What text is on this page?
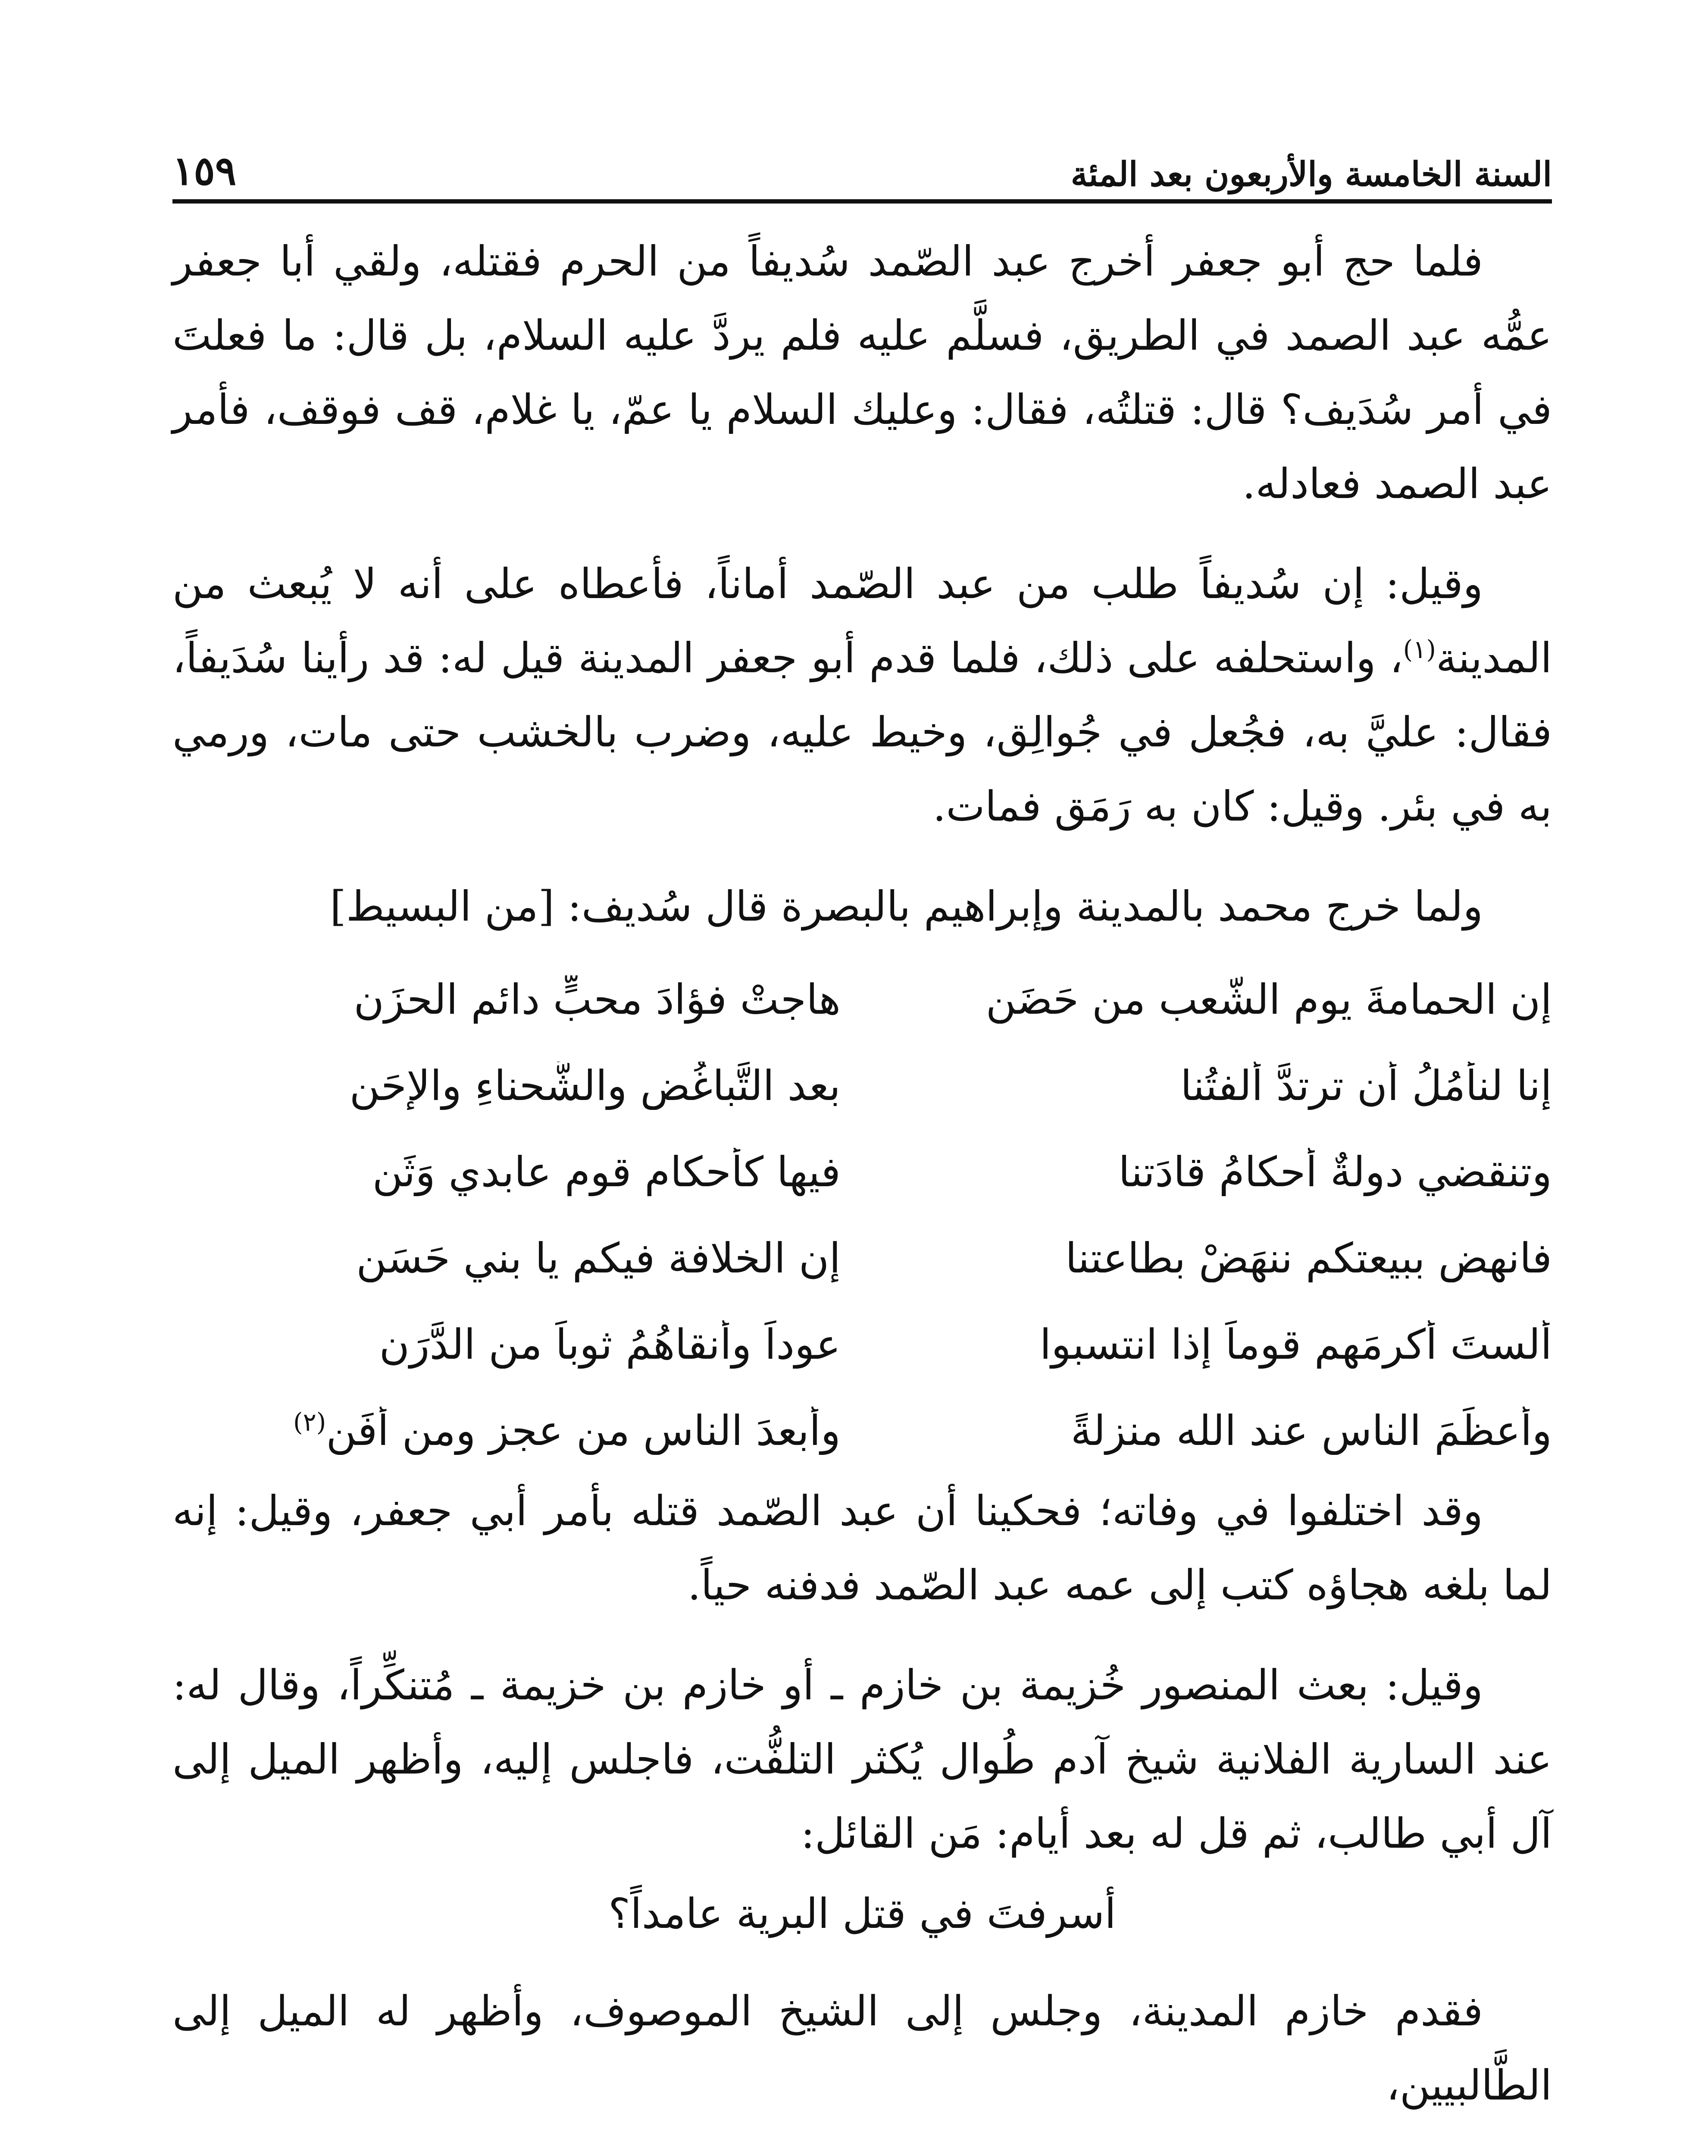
السنة الخامسة والأربعون بعد المئة
١٥٩

فلما حج أبو جعفر أخرج عبد الصّمد سُديفاً من الحرم فقتله، ولقي أبا جعفر عمُّه عبد الصمد في الطريق، فسلَّم عليه فلم يردَّ عليه السلام، بل قال: ما فعلتَ في أمر سُدَيف؟ قال: قتلتُه، فقال: وعليك السلام يا عمّ، يا غلام، قف فوقف، فأمر عبد الصمد فعادله.

وقيل: إن سُديفاً طلب من عبد الصّمد أماناً، فأعطاه على أنه لا يُبعث من المدينة$^{(١)}$، واستحلفه على ذلك، فلما قدم أبو جعفر المدينة قيل له: قد رأينا سُدَيفاً، فقال: عليَّ به، فجُعل في جُوالِق، وخيط عليه، وضرب بالخشب حتى مات، ورمي به في بئر. وقيل: كان به رَمَق فمات.

ولما خرج محمد بالمدينة وإبراهيم بالبصرة قال سُديف: [من البسيط]

إن الحمامةَ يوم الشّعب من حَضَنٍ
هاجتْ فؤادَ محبٍّ دائمِ الحزَنِ
إنا لنأمُلُ أن ترتدَّ أُلفتُنا
بعد التَّباغُضِ والشَّحناءِ والإحَنِ
وتنقضي دولةٌ أحكامُ قادَتنا
فيها كأحكام قومٍ عابدي وَثَنِ
فانهض ببيعتكم ننهَضْ بطاعتنا
إن الخلافة فيكم يا بني حَسَنِ
ألستَ أكرمَهم قوماً إذا انتسبوا
عوداً وأنقاهُمُ ثوباً من الدَّرَنِ
وأعظَمَ الناس عند الله منزلةً
وأبعدَ الناس من عجزٍ ومن أفَنِ$^{(٢)}$

وقد اختلفوا في وفاته؛ فحكينا أن عبد الصّمد قتله بأمر أبي جعفر، وقيل: إنه لما بلغه هجاؤه كتب إلى عمه عبد الصّمد فدفنه حياً.

وقيل: بعث المنصور خُزيمة بن خازم ـ أو خازم بن خزيمة ـ مُتنكِّراً، وقال له: عند السارية الفلانية شيخ آدم طُوال يُكثر التلفُّت، فاجلس إليه، وأظهر الميل إلى آل أبي طالب، ثم قل له بعد أيام: مَن القائل:

أسرفتَ في قتل البرية عامداً؟

فقدم خازم المدينة، وجلس إلى الشيخ الموصوف، وأظهر له الميل إلى الطَّالبيين،
